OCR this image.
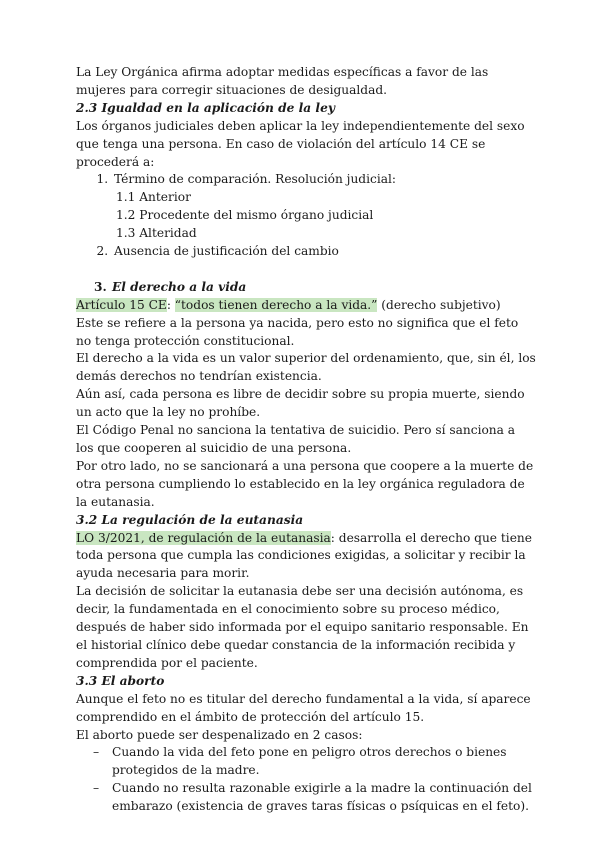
La Ley Orgánica afirma adoptar medidas específicas a favor de las mujeres para corregir situaciones de desigualdad.

2.3 Igualdad en la aplicación de la ley

Los órganos judiciales deben aplicar la ley independientemente del sexo que tenga una persona. En caso de violación del artículo 14 CE se procederá a:

1. Término de comparación. Resolución judicial:
1.1 Anterior
1.2 Procedente del mismo órgano judicial
1.3 Alteridad
2. Ausencia de justificación del cambio

3. El derecho a la vida

Artículo 15 CE: “todos tienen derecho a la vida.” (derecho subjetivo)

Este se refiere a la persona ya nacida, pero esto no significa que el feto no tenga protección constitucional.

El derecho a la vida es un valor superior del ordenamiento, que, sin él, los demás derechos no tendrían existencia.

Aún así, cada persona es libre de decidir sobre su propia muerte, siendo un acto que la ley no prohíbe.

El Código Penal no sanciona la tentativa de suicidio. Pero sí sanciona a los que cooperen al suicidio de una persona.

Por otro lado, no se sancionará a una persona que coopere a la muerte de otra persona cumpliendo lo establecido en la ley orgánica reguladora de la eutanasia.

3.2 La regulación de la eutanasia

LO 3/2021, de regulación de la eutanasia: desarrolla el derecho que tiene toda persona que cumpla las condiciones exigidas, a solicitar y recibir la ayuda necesaria para morir.

La decisión de solicitar la eutanasia debe ser una decisión autónoma, es decir, la fundamentada en el conocimiento sobre su proceso médico, después de haber sido informada por el equipo sanitario responsable. En el historial clínico debe quedar constancia de la información recibida y comprendida por el paciente.

3.3 El aborto

Aunque el feto no es titular del derecho fundamental a la vida, sí aparece comprendido en el ámbito de protección del artículo 15.

El aborto puede ser despenalizado en 2 casos:

– Cuando la vida del feto pone en peligro otros derechos o bienes protegidos de la madre.
– Cuando no resulta razonable exigirle a la madre la continuación del embarazo (existencia de graves taras físicas o psíquicas en el feto).
